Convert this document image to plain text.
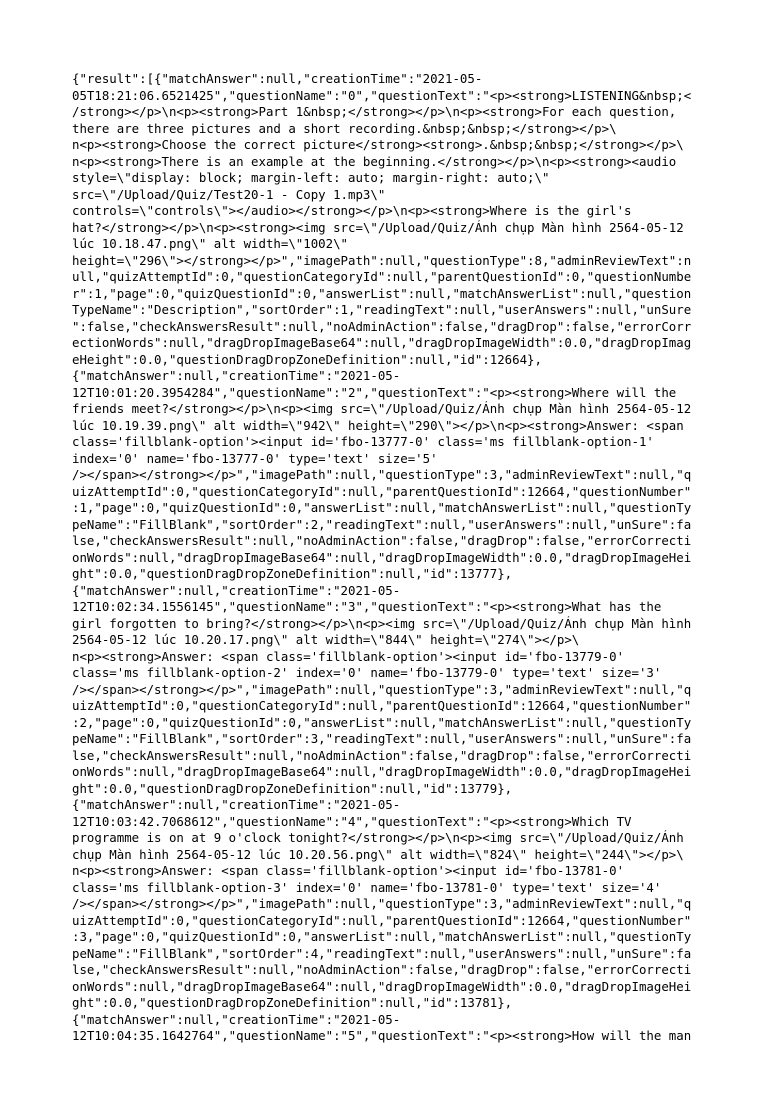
{"result":[{"matchAnswer":null,"creationTime":"2021-05-
05T18:21:06.6521425","questionName":"0","questionText":"<p><strong>LISTENING&nbsp;<
/strong></p>\n<p><strong>Part 1&nbsp;</strong></p>\n<p><strong>For each question,
there are three pictures and a short recording.&nbsp;&nbsp;</strong></p>\
n<p><strong>Choose the correct picture</strong><strong>.&nbsp;&nbsp;</strong></p>\
n<p><strong>There is an example at the beginning.</strong></p>\n<p><strong><audio
style=\"display: block; margin-left: auto; margin-right: auto;\"
src=\"/Upload/Quiz/Test20-1 - Copy 1.mp3\"
controls=\"controls\"></audio></strong></p>\n<p><strong>Where is the girl's
hat?</strong></p>\n<p><strong><img src=\"/Upload/Quiz/Ảnh chụp Màn hình 2564-05-12
lúc 10.18.47.png\" alt width=\"1002\"
height=\"296\"></strong></p>","imagePath":null,"questionType":8,"adminReviewText":n
ull,"quizAttemptId":0,"questionCategoryId":null,"parentQuestionId":0,"questionNumbe
r":1,"page":0,"quizQuestionId":0,"answerList":null,"matchAnswerList":null,"question
TypeName":"Description","sortOrder":1,"readingText":null,"userAnswers":null,"unSure
":false,"checkAnswersResult":null,"noAdminAction":false,"dragDrop":false,"errorCorr
ectionWords":null,"dragDropImageBase64":null,"dragDropImageWidth":0.0,"dragDropImag
eHeight":0.0,"questionDragDropZoneDefinition":null,"id":12664},
{"matchAnswer":null,"creationTime":"2021-05-
12T10:01:20.3954284","questionName":"2","questionText":"<p><strong>Where will the
friends meet?</strong></p>\n<p><img src=\"/Upload/Quiz/Ảnh chụp Màn hình 2564-05-12
lúc 10.19.39.png\" alt width=\"942\" height=\"290\"></p>\n<p><strong>Answer: <span
class='fillblank-option'><input id='fbo-13777-0' class='ms fillblank-option-1'
index='0' name='fbo-13777-0' type='text' size='5'
/></span></strong></p>","imagePath":null,"questionType":3,"adminReviewText":null,"q
uizAttemptId":0,"questionCategoryId":null,"parentQuestionId":12664,"questionNumber"
:1,"page":0,"quizQuestionId":0,"answerList":null,"matchAnswerList":null,"questionTy
peName":"FillBlank","sortOrder":2,"readingText":null,"userAnswers":null,"unSure":fa
lse,"checkAnswersResult":null,"noAdminAction":false,"dragDrop":false,"errorCorrecti
onWords":null,"dragDropImageBase64":null,"dragDropImageWidth":0.0,"dragDropImageHei
ght":0.0,"questionDragDropZoneDefinition":null,"id":13777},
{"matchAnswer":null,"creationTime":"2021-05-
12T10:02:34.1556145","questionName":"3","questionText":"<p><strong>What has the
girl forgotten to bring?</strong></p>\n<p><img src=\"/Upload/Quiz/Ảnh chụp Màn hình
2564-05-12 lúc 10.20.17.png\" alt width=\"844\" height=\"274\"></p>\
n<p><strong>Answer: <span class='fillblank-option'><input id='fbo-13779-0'
class='ms fillblank-option-2' index='0' name='fbo-13779-0' type='text' size='3'
/></span></strong></p>","imagePath":null,"questionType":3,"adminReviewText":null,"q
uizAttemptId":0,"questionCategoryId":null,"parentQuestionId":12664,"questionNumber"
:2,"page":0,"quizQuestionId":0,"answerList":null,"matchAnswerList":null,"questionTy
peName":"FillBlank","sortOrder":3,"readingText":null,"userAnswers":null,"unSure":fa
lse,"checkAnswersResult":null,"noAdminAction":false,"dragDrop":false,"errorCorrecti
onWords":null,"dragDropImageBase64":null,"dragDropImageWidth":0.0,"dragDropImageHei
ght":0.0,"questionDragDropZoneDefinition":null,"id":13779},
{"matchAnswer":null,"creationTime":"2021-05-
12T10:03:42.7068612","questionName":"4","questionText":"<p><strong>Which TV
programme is on at 9 o'clock tonight?</strong></p>\n<p><img src=\"/Upload/Quiz/Ảnh
chụp Màn hình 2564-05-12 lúc 10.20.56.png\" alt width=\"824\" height=\"244\"></p>\
n<p><strong>Answer: <span class='fillblank-option'><input id='fbo-13781-0'
class='ms fillblank-option-3' index='0' name='fbo-13781-0' type='text' size='4'
/></span></strong></p>","imagePath":null,"questionType":3,"adminReviewText":null,"q
uizAttemptId":0,"questionCategoryId":null,"parentQuestionId":12664,"questionNumber"
:3,"page":0,"quizQuestionId":0,"answerList":null,"matchAnswerList":null,"questionTy
peName":"FillBlank","sortOrder":4,"readingText":null,"userAnswers":null,"unSure":fa
lse,"checkAnswersResult":null,"noAdminAction":false,"dragDrop":false,"errorCorrecti
onWords":null,"dragDropImageBase64":null,"dragDropImageWidth":0.0,"dragDropImageHei
ght":0.0,"questionDragDropZoneDefinition":null,"id":13781},
{"matchAnswer":null,"creationTime":"2021-05-
12T10:04:35.1642764","questionName":"5","questionText":"<p><strong>How will the man
